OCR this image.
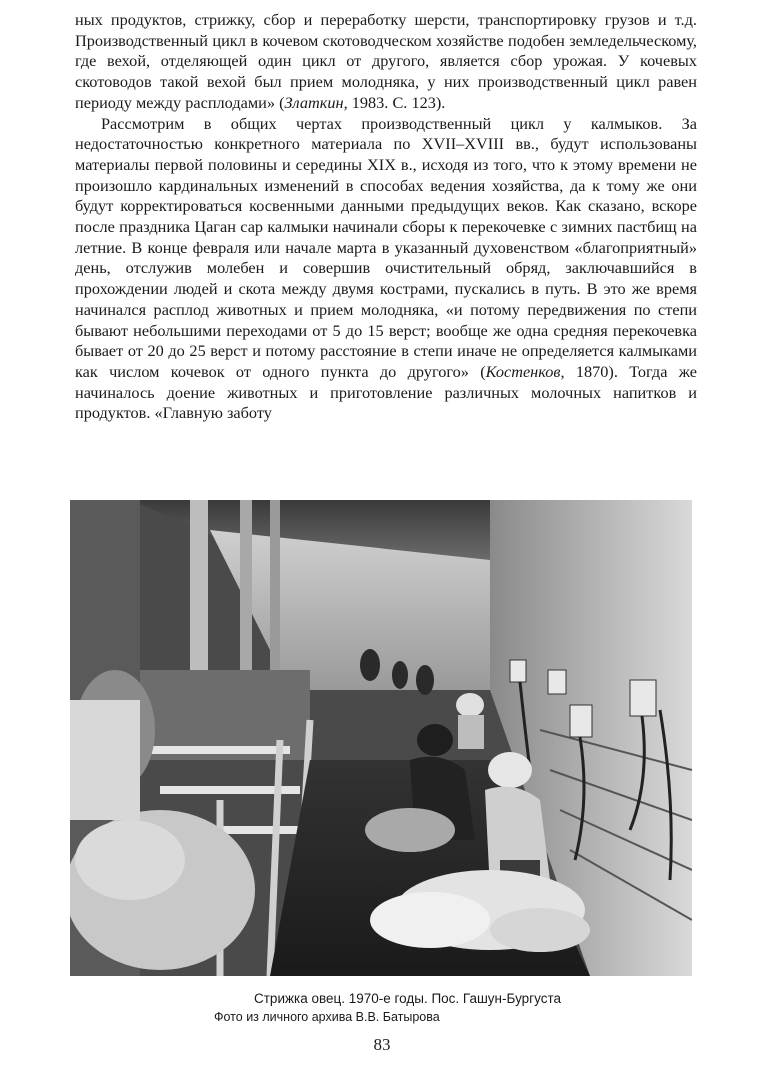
ных продуктов, стрижку, сбор и переработку шерсти, транспортировку грузов и т.д. Производственный цикл в кочевом скотоводческом хозяйстве подобен земледельческому, где вехой, отделяющей один цикл от другого, является сбор урожая. У кочевых скотоводов такой вехой был прием молодняка, у них производственный цикл равен периоду между расплодами» (Златкин, 1983. С. 123).

Рассмотрим в общих чертах производственный цикл у калмыков. За недостаточностью конкретного материала по XVII–XVIII вв., будут использованы материалы первой половины и середины XIX в., исходя из того, что к этому времени не произошло кардинальных изменений в способах ведения хозяйства, да к тому же они будут корректироваться косвенными данными предыдущих веков. Как сказано, вскоре после праздника Цаган сар калмыки начинали сборы к перекочевке с зимних пастбищ на летние. В конце февраля или начале марта в указанный духовенством «благоприятный» день, отслужив молебен и совершив очистительный обряд, заключавшийся в прохождении людей и скота между двумя кострами, пускались в путь. В это же время начинался расплод животных и прием молодняка, «и потому передвижения по степи бывают небольшими переходами от 5 до 15 верст; вообще же одна средняя перекочевка бывает от 20 до 25 верст и потому расстояние в степи иначе не определяется калмыками как числом кочевок от одного пункта до другого» (Костенков, 1870). Тогда же начиналось доение животных и приготовление различных молочных напитков и продуктов. «Главную заботу

Стрижка овец. 1970-е годы. Пос. Гашун-Бургуста
Фото из личного архива В.В. Батырова
83
